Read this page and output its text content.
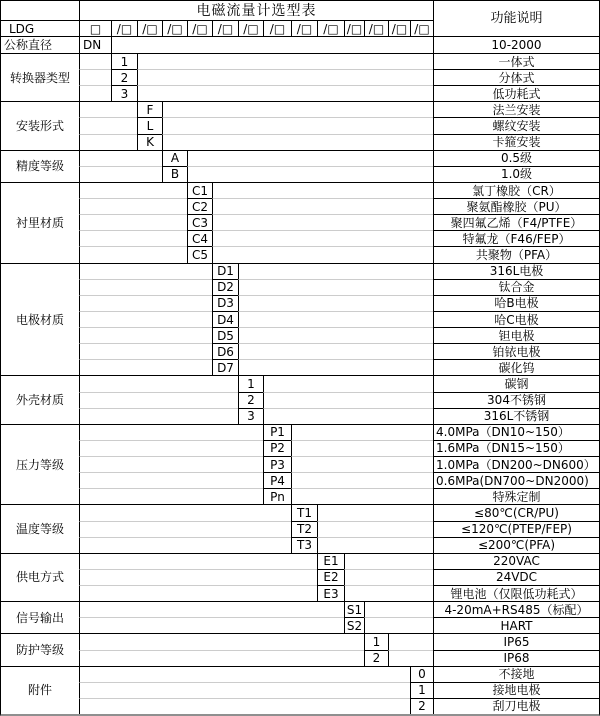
电磁流量计选型表	功能说明
LDG	□	/□ /□ /□ /□ /□ /□ /□ /□ /□ /□ /□ /□ /□
公称直径	DN	10-2000
转换器类型
1	一体式
2	分体式
3	低功耗式
安装形式
F	法兰安装
L	螺纹安装
K	卡箍安装
精度等级
A	0.5级
B	1.0级
衬里材质
C1	氯丁橡胶（CR）
C2	聚氨酯橡胶（PU）
C3	聚四氟乙烯（F4/PTFE）
C4	特氟龙（F46/FEP）
C5	共聚物（PFA）
电极材质
D1	316L电极
D2	钛合金
D3	哈B电极
D4	哈C电极
D5	钽电极
D6	铂铱电极
D7	碳化钨
外壳材质
1	碳钢
2	304不锈钢
3	316L不锈钢
压力等级
P1	4.0MPa（DN10~150）
P2	1.6MPa（DN15~150）
P3	1.0MPa（DN200~DN600）
P4	0.6MPa(DN700~DN2000)
Pn	特殊定制
温度等级
T1	≤80℃(CR/PU)
T2	≤120℃(PTEP/FEP)
T3	≤200℃(PFA)
供电方式
E1	220VAC
E2	24VDC
E3	锂电池（仅限低功耗式）
信号输出
S1	4-20mA+RS485（标配）
S2	HART
防护等级
1	IP65
2	IP68
附件
0	不接地
1	接地电极
2	刮刀电极
